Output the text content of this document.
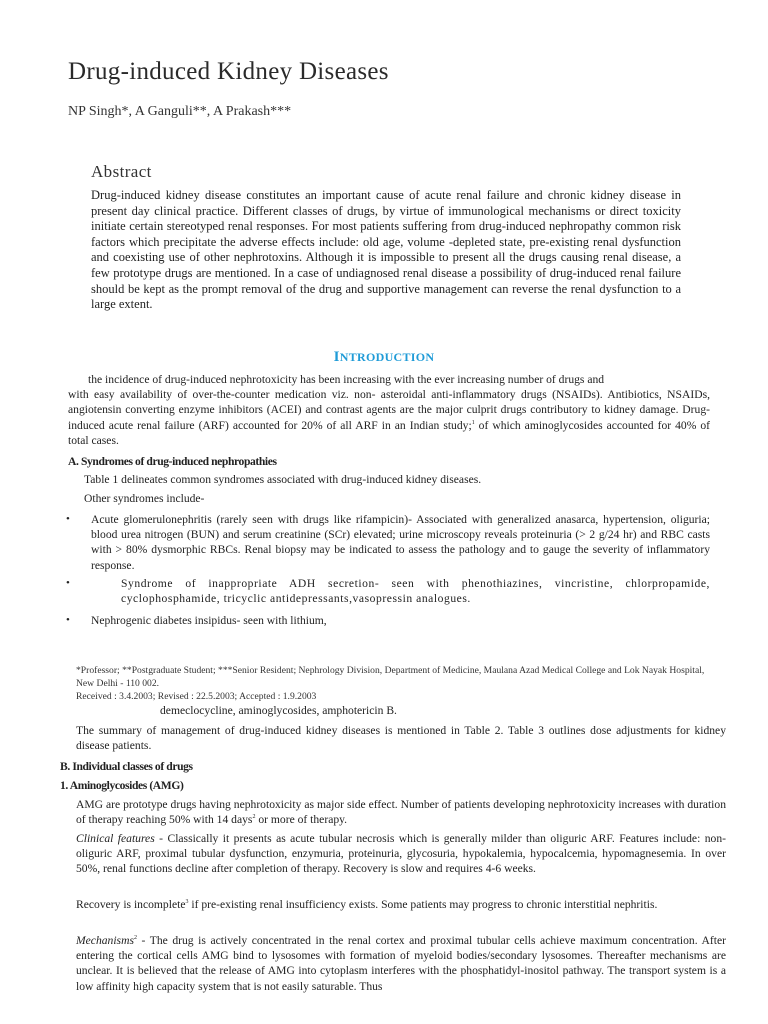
Drug-induced Kidney Diseases
NP Singh*, A Ganguli**, A Prakash***
Abstract
Drug-induced kidney disease constitutes an important cause of acute renal failure and chronic kidney disease in present day clinical practice. Different classes of drugs, by virtue of immunological mechanisms or direct toxicity initiate certain stereotyped renal responses. For most patients suffering from drug-induced nephropathy common risk factors which precipitate the adverse effects include: old age, volume -depleted state, pre-existing renal dysfunction and coexisting use of other nephrotoxins. Although it is impossible to present all the drugs causing renal disease, a few prototype drugs are mentioned. In a case of undiagnosed renal disease a possibility of drug-induced renal failure should be kept as the prompt removal of the drug and supportive management can reverse the renal dysfunction to a large extent.
INTRODUCTION
the incidence of drug-induced nephrotoxicity has been increasing with the ever increasing number of drugs and
with easy availability of over-the-counter medication viz. non- asteroidal anti-inflammatory drugs (NSAIDs). Antibiotics, NSAIDs, angiotensin converting enzyme inhibitors (ACEI) and contrast agents are the major culprit drugs contributory to kidney damage. Drug-induced acute renal failure (ARF) accounted for 20% of all ARF in an Indian study;$^1$ of which aminoglycosides accounted for 40% of total cases.
A. Syndromes of drug-induced nephropathies
Table 1 delineates common syndromes associated with drug-induced kidney diseases.
Other syndromes include-
• Acute glomerulonephritis (rarely seen with drugs like rifampicin)- Associated with generalized anasarca, hypertension, oliguria; blood urea nitrogen (BUN) and serum creatinine (SCr) elevated; urine microscopy reveals proteinuria (> 2 g/24 hr) and RBC casts with > 80% dysmorphic RBCs. Renal biopsy may be indicated to assess the pathology and to gauge the severity of inflammatory response.
•	Syndrome of inappropriate ADH secretion- seen with phenothiazines, vincristine, chlorpropamide, cyclophosphamide, tricyclic antidepressants,vasopressin analogues.
• Nephrogenic diabetes insipidus- seen with lithium,
*Professor; **Postgraduate Student; ***Senior Resident; Nephrology Division, Department of Medicine, Maulana Azad Medical College and Lok Nayak Hospital, New Delhi - 110 002.
Received : 3.4.2003; Revised : 22.5.2003; Accepted : 1.9.2003
demeclocycline, aminoglycosides, amphotericin B.
The summary of management of drug-induced kidney diseases is mentioned in Table 2. Table 3 outlines dose adjustments for kidney disease patients.
B. Individual classes of drugs
1. Aminoglycosides (AMG)
AMG are prototype drugs having nephrotoxicity as major side effect. Number of patients developing nephrotoxicity increases with duration of therapy reaching 50% with 14 days$^2$ or more of therapy.
Clinical features - Classically it presents as acute tubular necrosis which is generally milder than oliguric ARF. Features include: non-oliguric ARF, proximal tubular dysfunction, enzymuria, proteinuria, glycosuria, hypokalemia, hypocalcemia, hypomagnesemia. In over 50%, renal functions decline after completion of therapy. Recovery is slow and requires 4-6 weeks.
Recovery is incomplete$^3$ if pre-existing renal insufficiency exists. Some patients may progress to chronic interstitial nephritis.
Mechanisms$^2$ - The drug is actively concentrated in the renal cortex and proximal tubular cells achieve maximum concentration. After entering the cortical cells AMG bind to lysosomes with formation of myeloid bodies/secondary lysosomes. Thereafter mechanisms are unclear. It is believed that the release of AMG into cytoplasm interferes with the phosphatidyl-inositol pathway. The transport system is a low affinity high capacity system that is not easily saturable. Thus
